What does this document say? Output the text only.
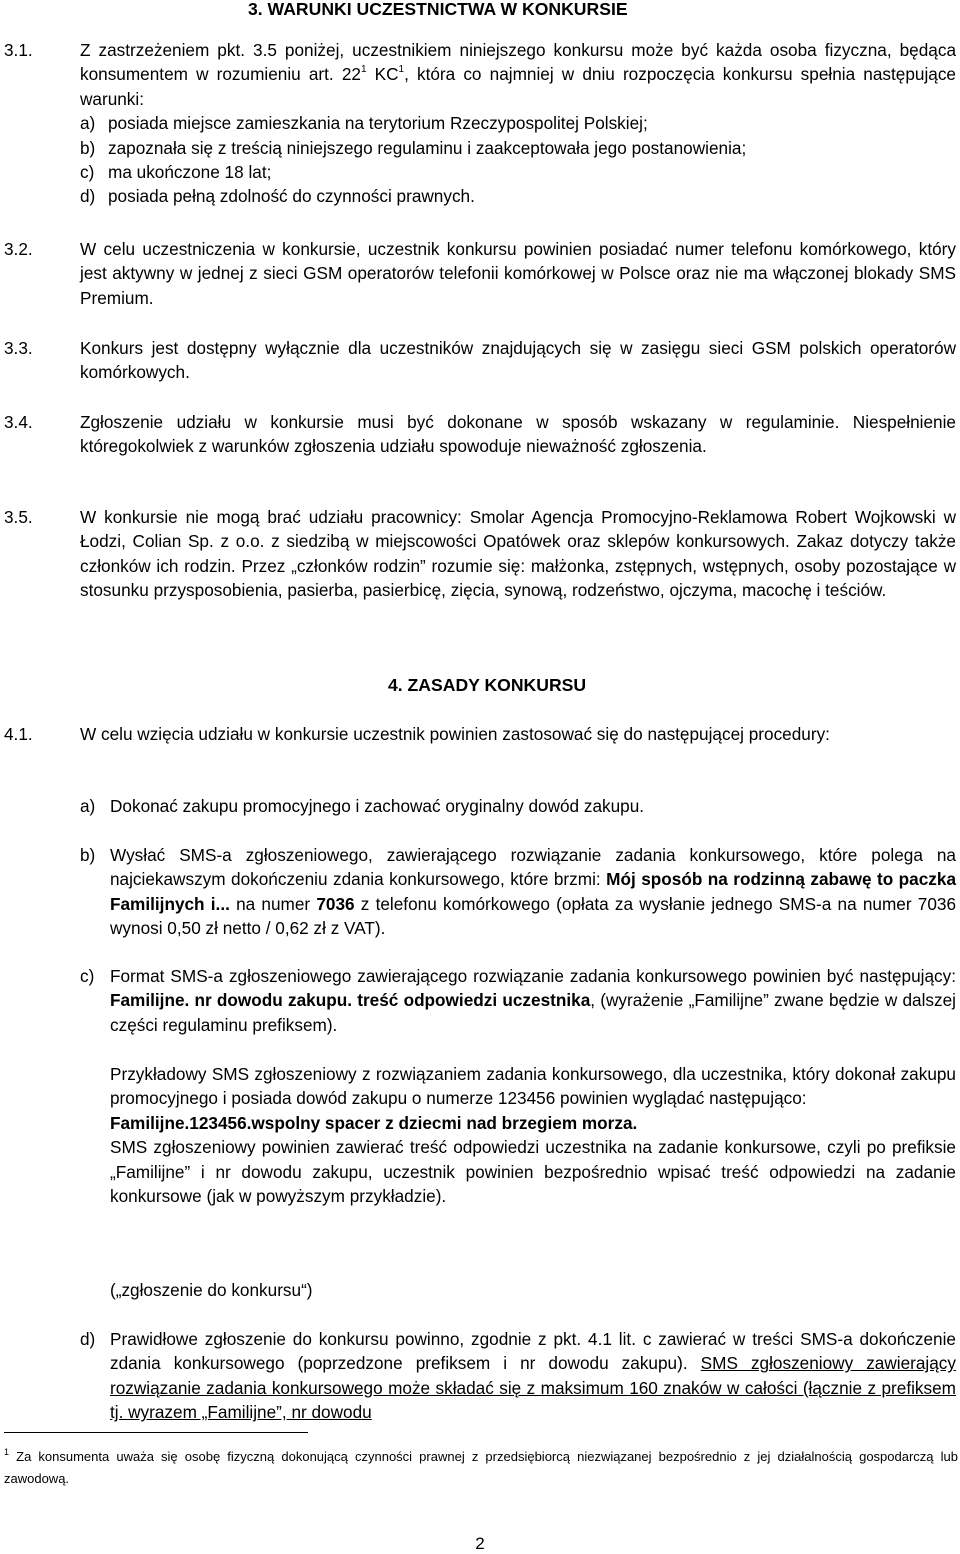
3. WARUNKI UCZESTNICTWA W KONKURSIE
3.1.	Z zastrzeżeniem pkt. 3.5 poniżej, uczestnikiem niniejszego konkursu może być każda osoba fizyczna, będąca konsumentem w rozumieniu art. $22^1$ $KC^1$, która co najmniej w dniu rozpoczęcia konkursu spełnia następujące warunki:

a) posiada miejsce zamieszkania na terytorium Rzeczypospolitej Polskiej;
b) zapoznała się z treścią niniejszego regulaminu i zaakceptowała jego postanowienia;
c) ma ukończone 18 lat;
d) posiada pełną zdolność do czynności prawnych.
3.2.	W celu uczestniczenia w konkursie, uczestnik konkursu powinien posiadać numer telefonu komórkowego, który jest aktywny w jednej z sieci GSM operatorów telefonii komórkowej w Polsce oraz nie ma włączonej blokady SMS Premium.
3.3.	Konkurs jest dostępny wyłącznie dla uczestników znajdujących się w zasięgu sieci GSM polskich operatorów komórkowych.
3.4.	Zgłoszenie udziału w konkursie musi być dokonane w sposób wskazany w regulaminie. Niespełnienie któregokolwiek z warunków zgłoszenia udziału spowoduje nieważność zgłoszenia.
3.5.	W konkursie nie mogą brać udziału pracownicy: Smolar Agencja Promocyjno-Reklamowa Robert Wojkowski w Łodzi, Colian Sp. z o.o. z siedzibą w miejscowości Opatówek oraz sklepów konkursowych. Zakaz dotyczy także członków ich rodzin. Przez „członków rodzin” rozumie się: małżonka, zstępnych, wstępnych, osoby pozostające w stosunku przysposobienia, pasierba, pasierbicę, zięcia, synową, rodzeństwo, ojczyma, macochę i teściów.
4. ZASADY KONKURSU
4.1.	W celu wzięcia udziału w konkursie uczestnik powinien zastosować się do następującej procedury:
a) Dokonać zakupu promocyjnego i zachować oryginalny dowód zakupu.
b) Wysłać SMS-a zgłoszeniowego, zawierającego rozwiązanie zadania konkursowego, które polega na najciekawszym dokończeniu zdania konkursowego, które brzmi: Mój sposób na rodzinną zabawę to paczka Familijnych i... na numer 7036 z telefonu komórkowego (opłata za wysłanie jednego SMS-a na numer 7036 wynosi 0,50 zł netto / 0,62 zł z VAT).
c) Format SMS-a zgłoszeniowego zawierającego rozwiązanie zadania konkursowego powinien być następujący: Familijne. nr dowodu zakupu. treść odpowiedzi uczestnika, (wyrażenie „Familijne” zwane będzie w dalszej części regulaminu prefiksem).

Przykładowy SMS zgłoszeniowy z rozwiązaniem zadania konkursowego, dla uczestnika, który dokonał zakupu promocyjnego i posiada dowód zakupu o numerze 123456 powinien wyglądać następująco:

Familijne.123456.wspolny spacer z dziecmi nad brzegiem morza.

SMS zgłoszeniowy powinien zawierać treść odpowiedzi uczestnika na zadanie konkursowe, czyli po prefiksie „Familijne” i nr dowodu zakupu, uczestnik powinien bezpośrednio wpisać treść odpowiedzi na zadanie konkursowe (jak w powyższym przykładzie).

(„zgłoszenie do konkursu“)
d) Prawidłowe zgłoszenie do konkursu powinno, zgodnie z pkt. 4.1 lit. c zawierać w treści SMS-a dokończenie zdania konkursowego (poprzedzone prefiksem i nr dowodu zakupu). SMS zgłoszeniowy zawierający rozwiązanie zadania konkursowego może składać się z maksimum 160 znaków w całości (łącznie z prefiksem tj. wyrazem „Familijne”, nr dowodu
$^1$ Za konsumenta uważa się osobę fizyczną dokonującą czynności prawnej z przedsiębiorcą niezwiązanej bezpośrednio z jej działalnością gospodarczą lub zawodową.
2
